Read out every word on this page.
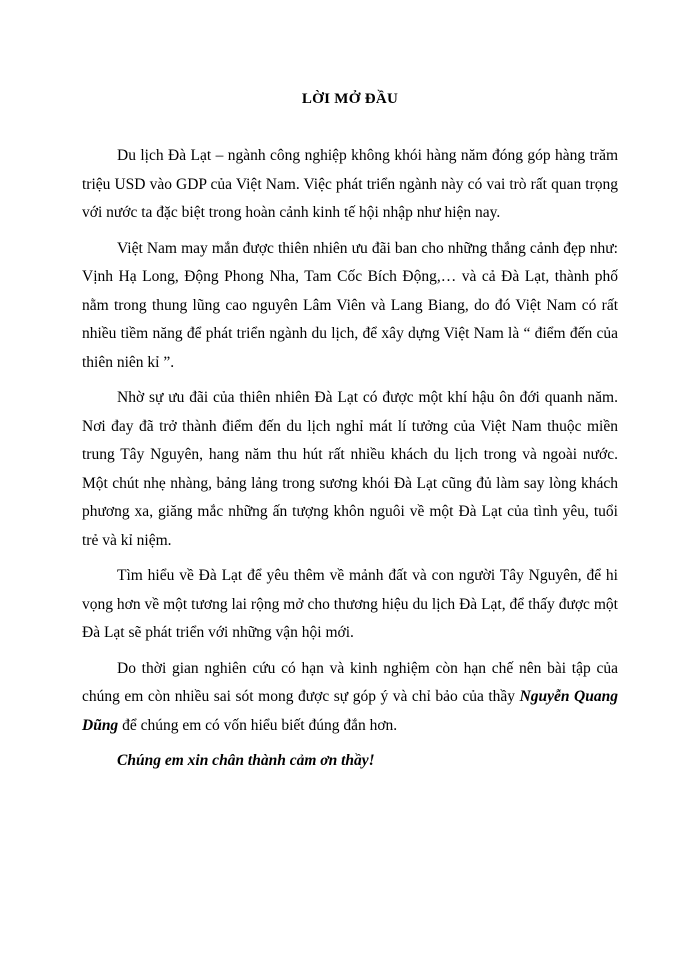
LỜI MỞ ĐẦU

Du lịch Đà Lạt – ngành công nghiệp không khói hàng năm đóng góp hàng trăm triệu USD vào GDP của Việt Nam. Việc phát triển ngành này có vai trò rất quan trọng với nước ta đặc biệt trong hoàn cảnh kinh tế hội nhập như hiện nay.

Việt Nam may mắn được thiên nhiên ưu đãi ban cho những thắng cảnh đẹp như: Vịnh Hạ Long, Động Phong Nha, Tam Cốc Bích Động,… và cả Đà Lạt, thành phố nằm trong thung lũng cao nguyên Lâm Viên và Lang Biang, do đó Việt Nam có rất nhiều tiềm năng để phát triển ngành du lịch, để xây dựng Việt Nam là “ điểm đến của thiên niên kỉ ”.

Nhờ sự ưu đãi của thiên nhiên Đà Lạt có được một khí hậu ôn đới quanh năm. Nơi đay đã trở thành điểm đến du lịch nghỉ mát lí tưởng của Việt Nam thuộc miền trung Tây Nguyên, hang năm thu hút rất nhiều khách du lịch trong và ngoài nước. Một chút nhẹ nhàng, bảng lảng trong sương khói Đà Lạt cũng đủ làm say lòng khách phương xa, giăng mắc những ấn tượng khôn nguôi về một Đà Lạt của tình yêu, tuổi trẻ và kỉ niệm.

Tìm hiểu về Đà Lạt để yêu thêm về mảnh đất và con người Tây Nguyên, để hi vọng hơn về một tương lai rộng mở cho thương hiệu du lịch Đà Lạt, để thấy được một Đà Lạt sẽ phát triển với những vận hội mới.

Do thời gian nghiên cứu có hạn và kinh nghiệm còn hạn chế nên bài tập của chúng em còn nhiều sai sót mong được sự góp ý và chỉ bảo của thầy Nguyễn Quang Dũng để chúng em có vốn hiểu biết đúng đắn hơn.

Chúng em xin chân thành cảm ơn thầy!
